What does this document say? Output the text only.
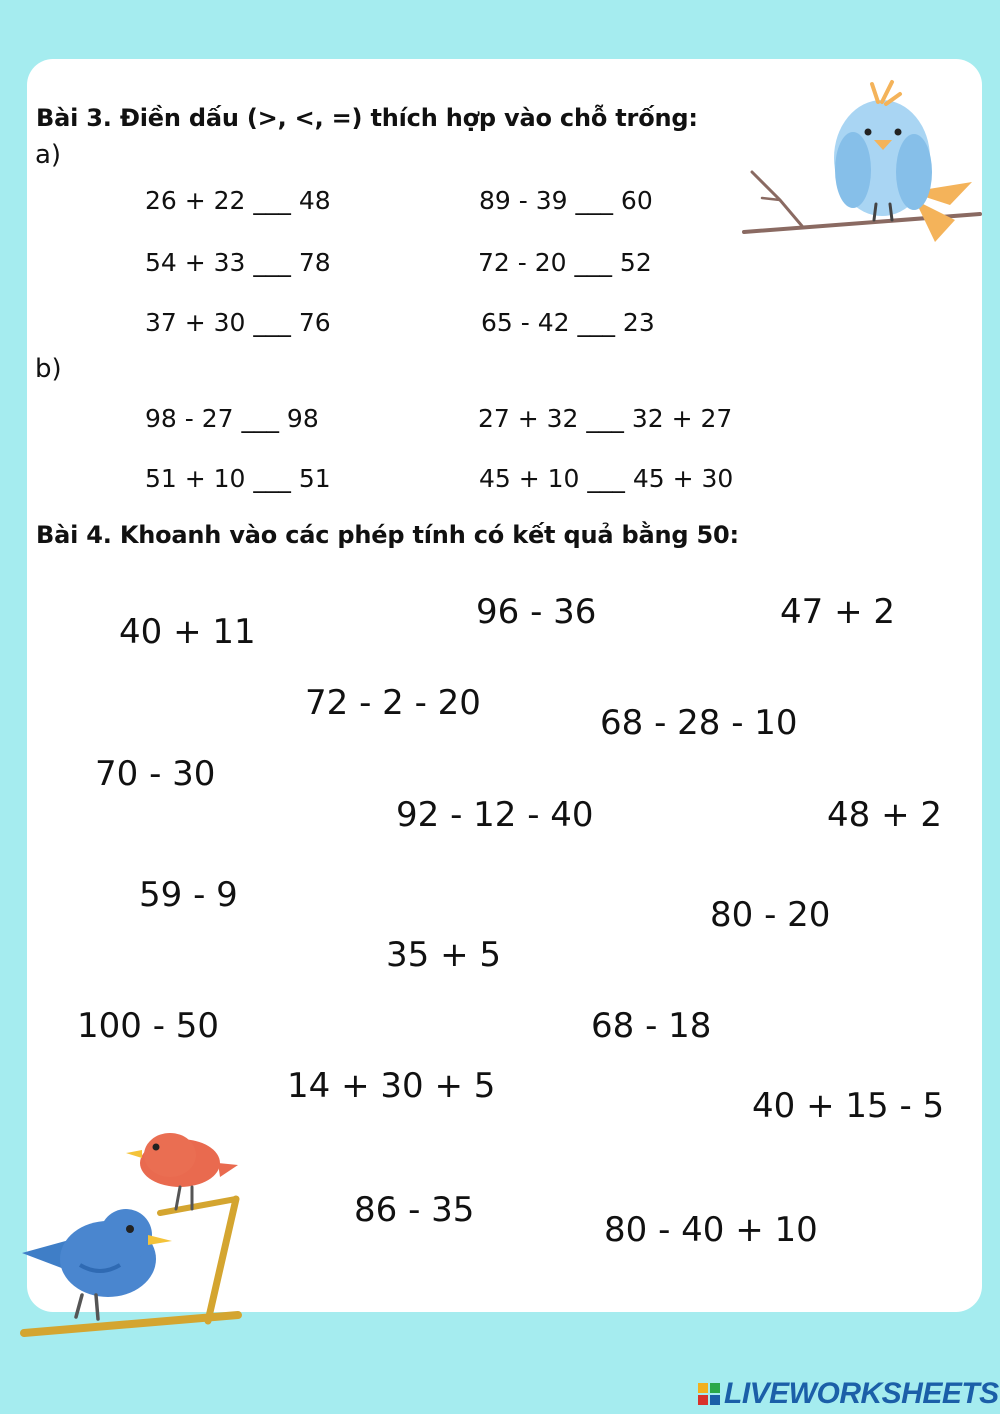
Bài 3. Điền dấu (>, <, =) thích hợp vào chỗ trống:
a)
26 + 22 ___ 48	89 - 39 ___ 60
54 + 33 ___ 78	72 - 20 ___ 52
37 + 30 ___ 76	65 - 42 ___ 23
b)
98 - 27 ___ 98	27 + 32 ___ 32 + 27
51 + 10 ___ 51	45 + 10 ___ 45 + 30
Bài 4. Khoanh vào các phép tính có kết quả bằng 50:
40 + 11	96 - 36	47 + 2
72 - 2 - 20	68 - 28 - 10
70 - 30
92 - 12 - 40	48 + 2
59 - 9	80 - 20
35 + 5
100 - 50	68 - 18
14 + 30 + 5	40 + 15 - 5
86 - 35	80 - 40 + 10
LIVEWORKSHEETS
